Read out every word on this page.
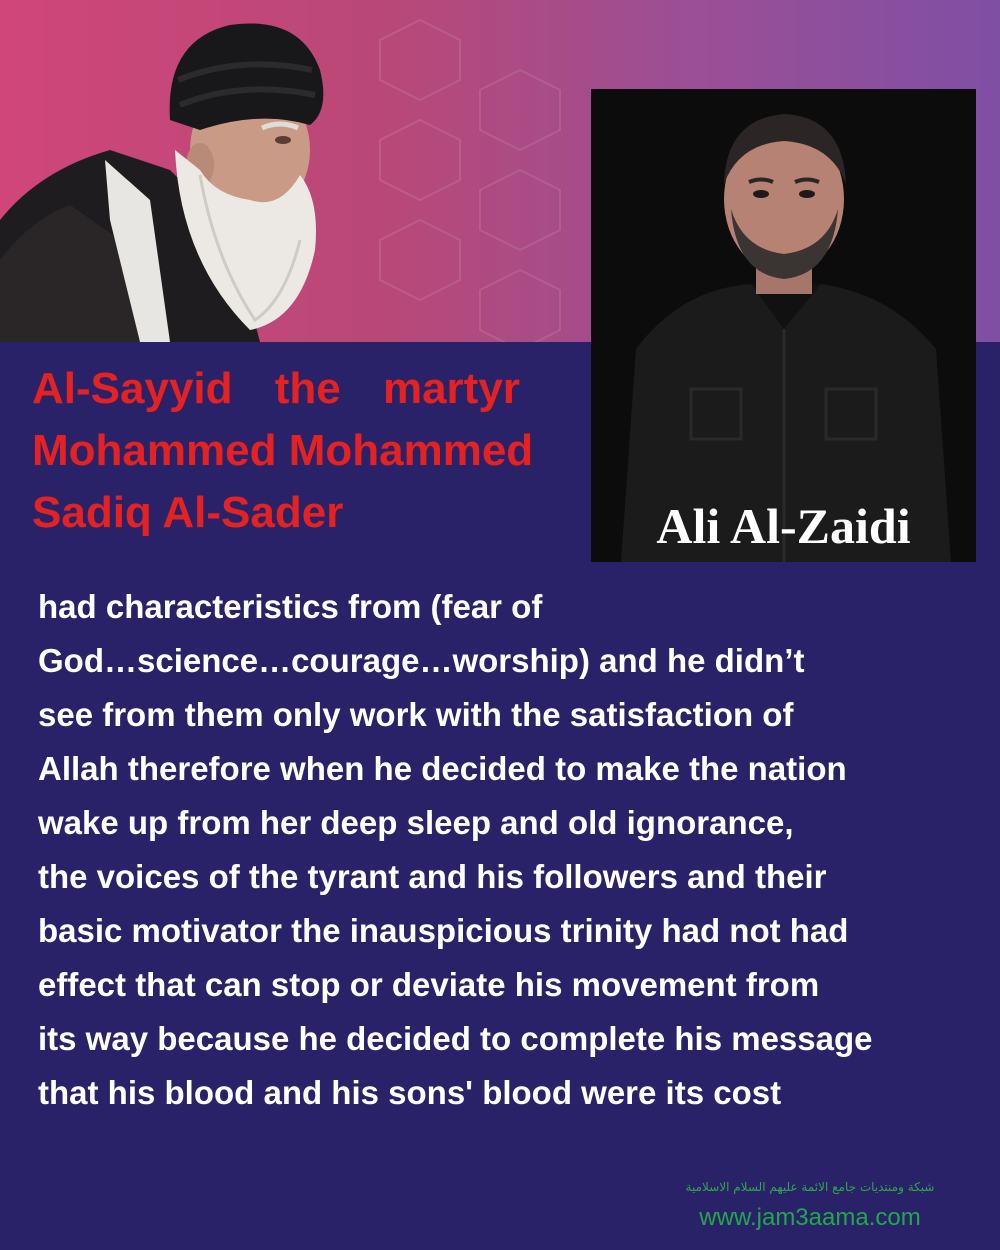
Ali Al-Zaidi
Al-Sayyid the martyr
Mohammed Mohammed
Sadiq Al-Sader
had characteristics from (fear of
God…science…courage…worship) and he didn’t
see from them only work with the satisfaction of
Allah therefore when he decided to make the nation
wake up from her deep sleep and old ignorance,
the voices of the tyrant and his followers and their
basic motivator the inauspicious trinity had not had
effect that can stop or deviate his movement from
its way because he decided to complete his message
that his blood and his sons' blood were its cost
شبكة ومنتديات جامع الائمة عليهم السلام الاسلامية
www.jam3aama.com
